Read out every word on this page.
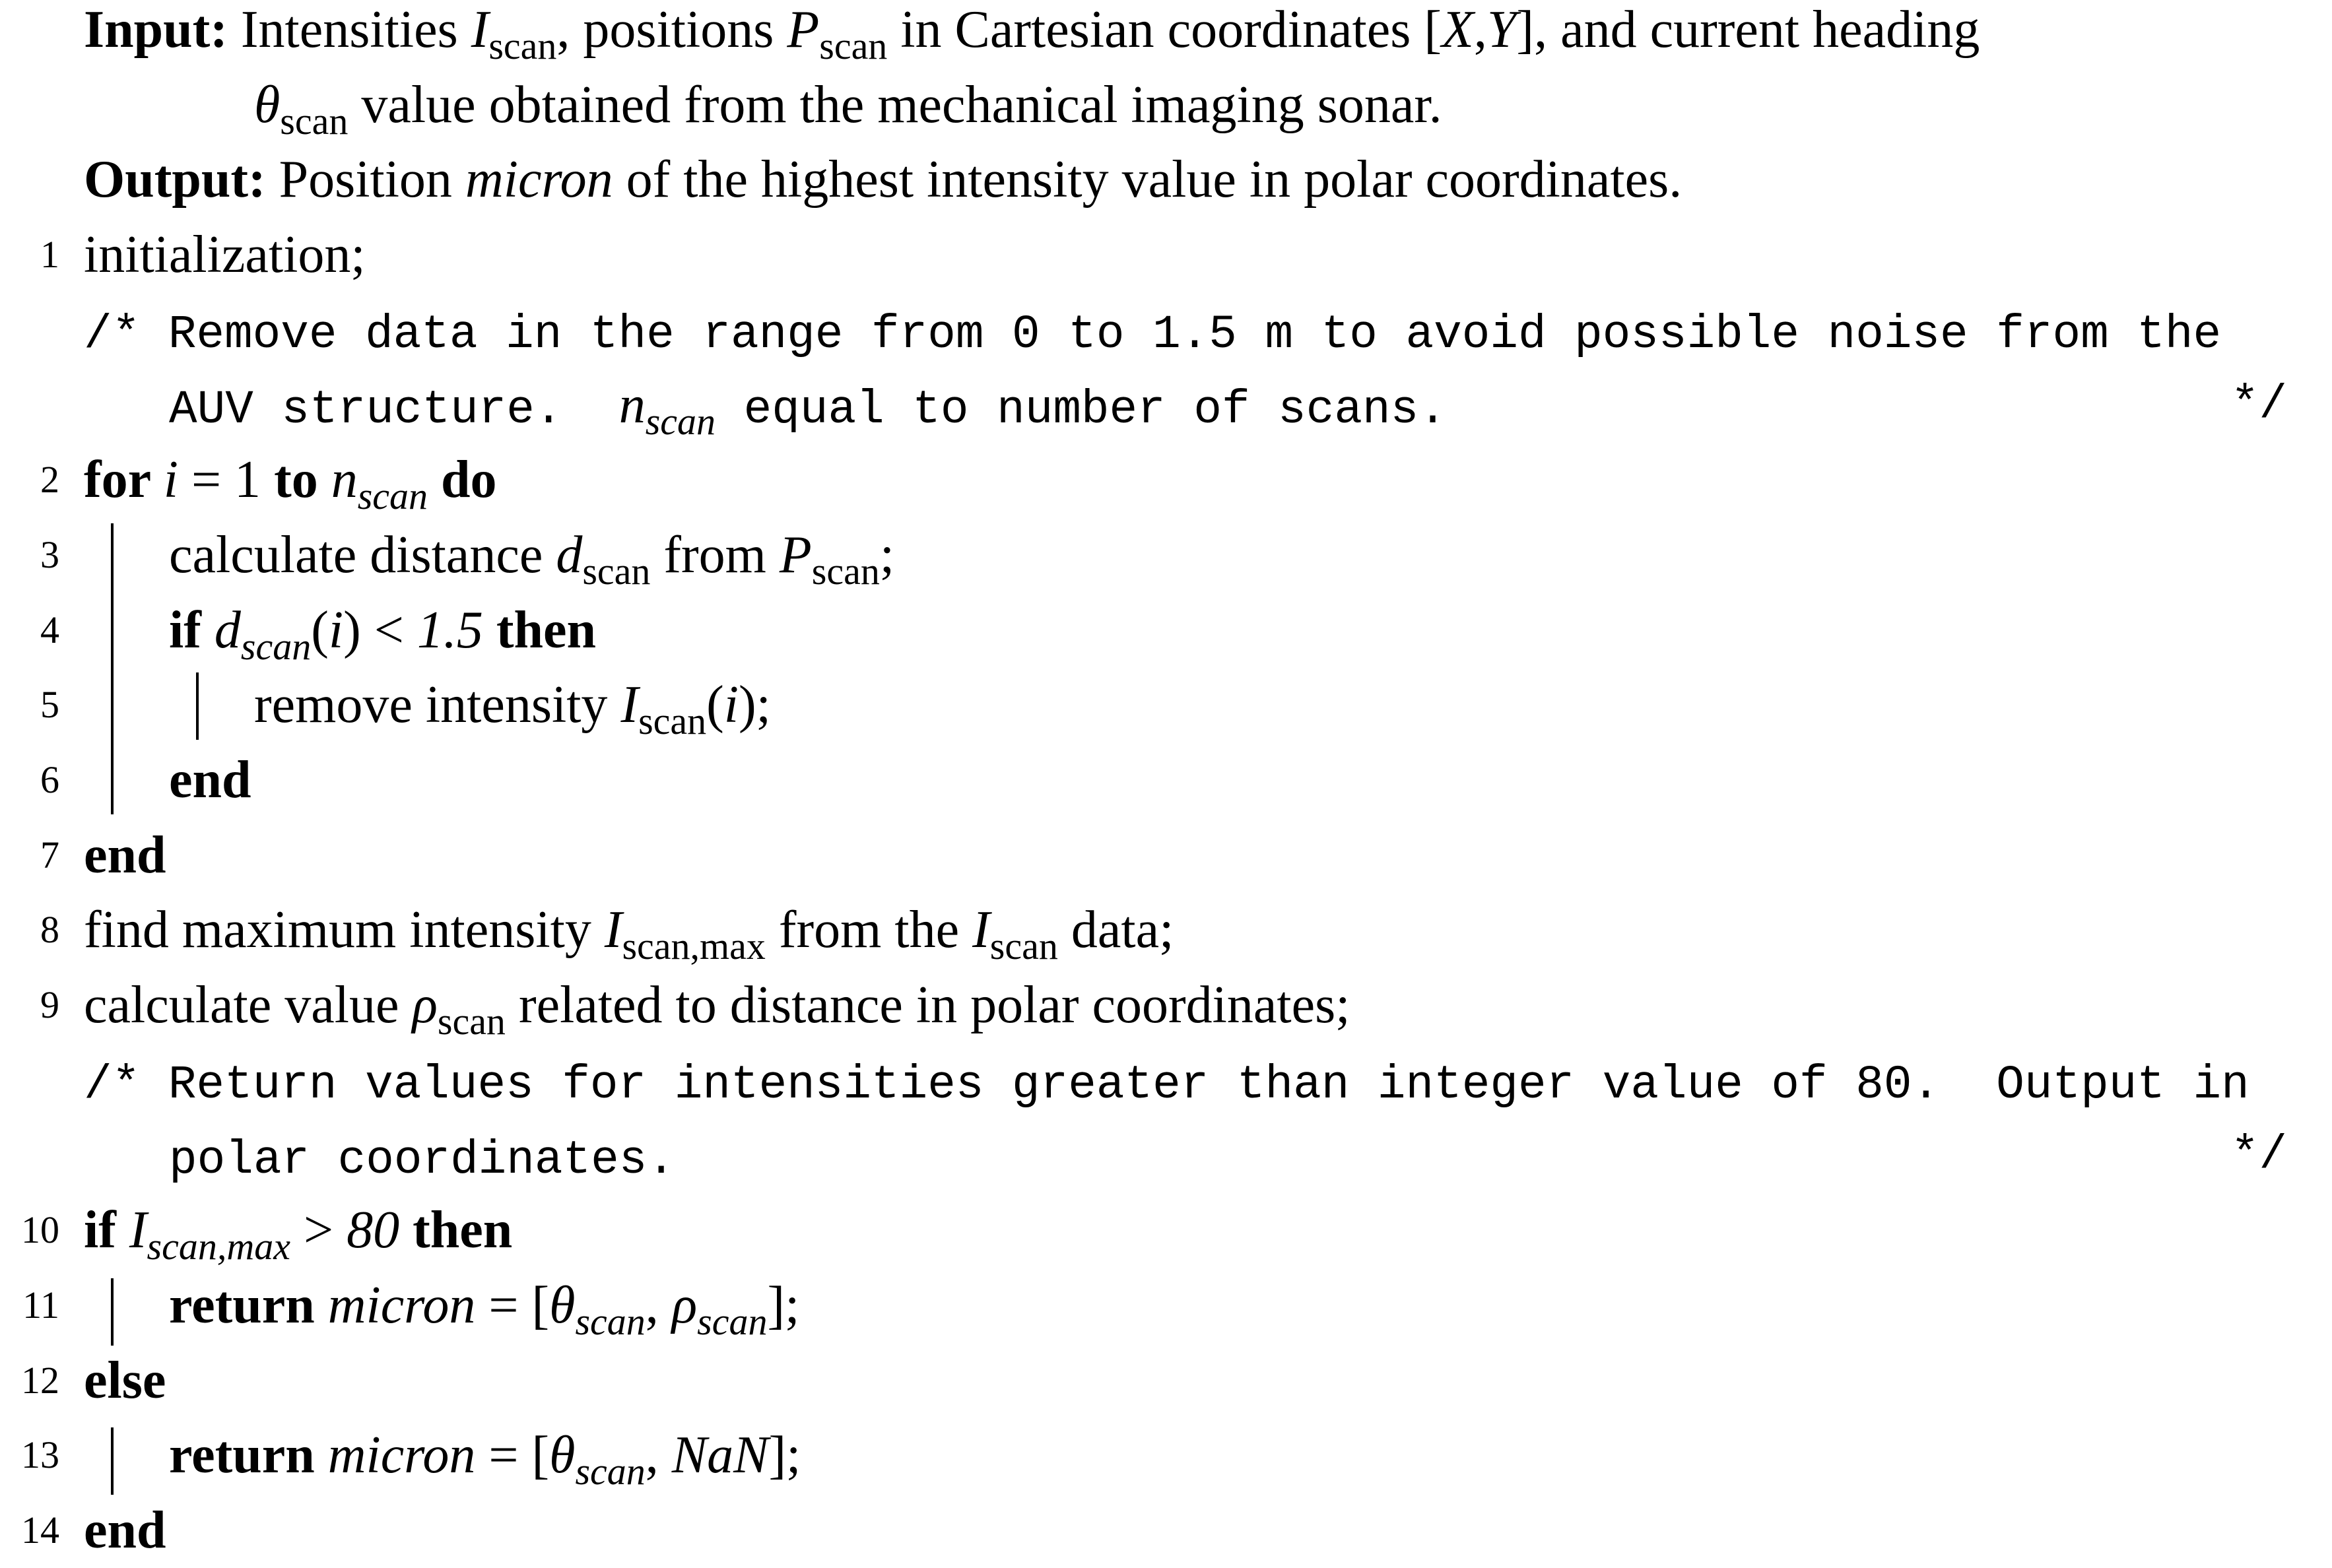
Input: Intensities $I_{scan}$, positions $P_{scan}$ in Cartesian coordinates [X,Y], and current heading
$\theta_{scan}$ value obtained from the mechanical imaging sonar.
Output: Position micron of the highest intensity value in polar coordinates.
1 initialization;
/* Remove data in the range from 0 to 1.5 m to avoid possible noise from the
AUV structure.  $n_{scan}$ equal to number of scans.	*/
2 for i = 1 to $n_{scan}$ do
3 calculate distance $d_{scan}$ from $P_{scan}$;
4 if $d_{scan}(i) < 1.5$ then
5	remove intensity $I_{scan}(i)$;
6 end
7 end
8 find maximum intensity $I_{scan,max}$ from the $I_{scan}$ data;
9 calculate value $\rho_{scan}$ related to distance in polar coordinates;
/* Return values for intensities greater than integer value of 80.  Output in
polar coordinates.	*/
10 if $I_{scan,max} > 80$ then
11 return micron = [$\theta_{scan}$, $\rho_{scan}$];
12 else
13 return micron = [$\theta_{scan}$, NaN];
14 end
